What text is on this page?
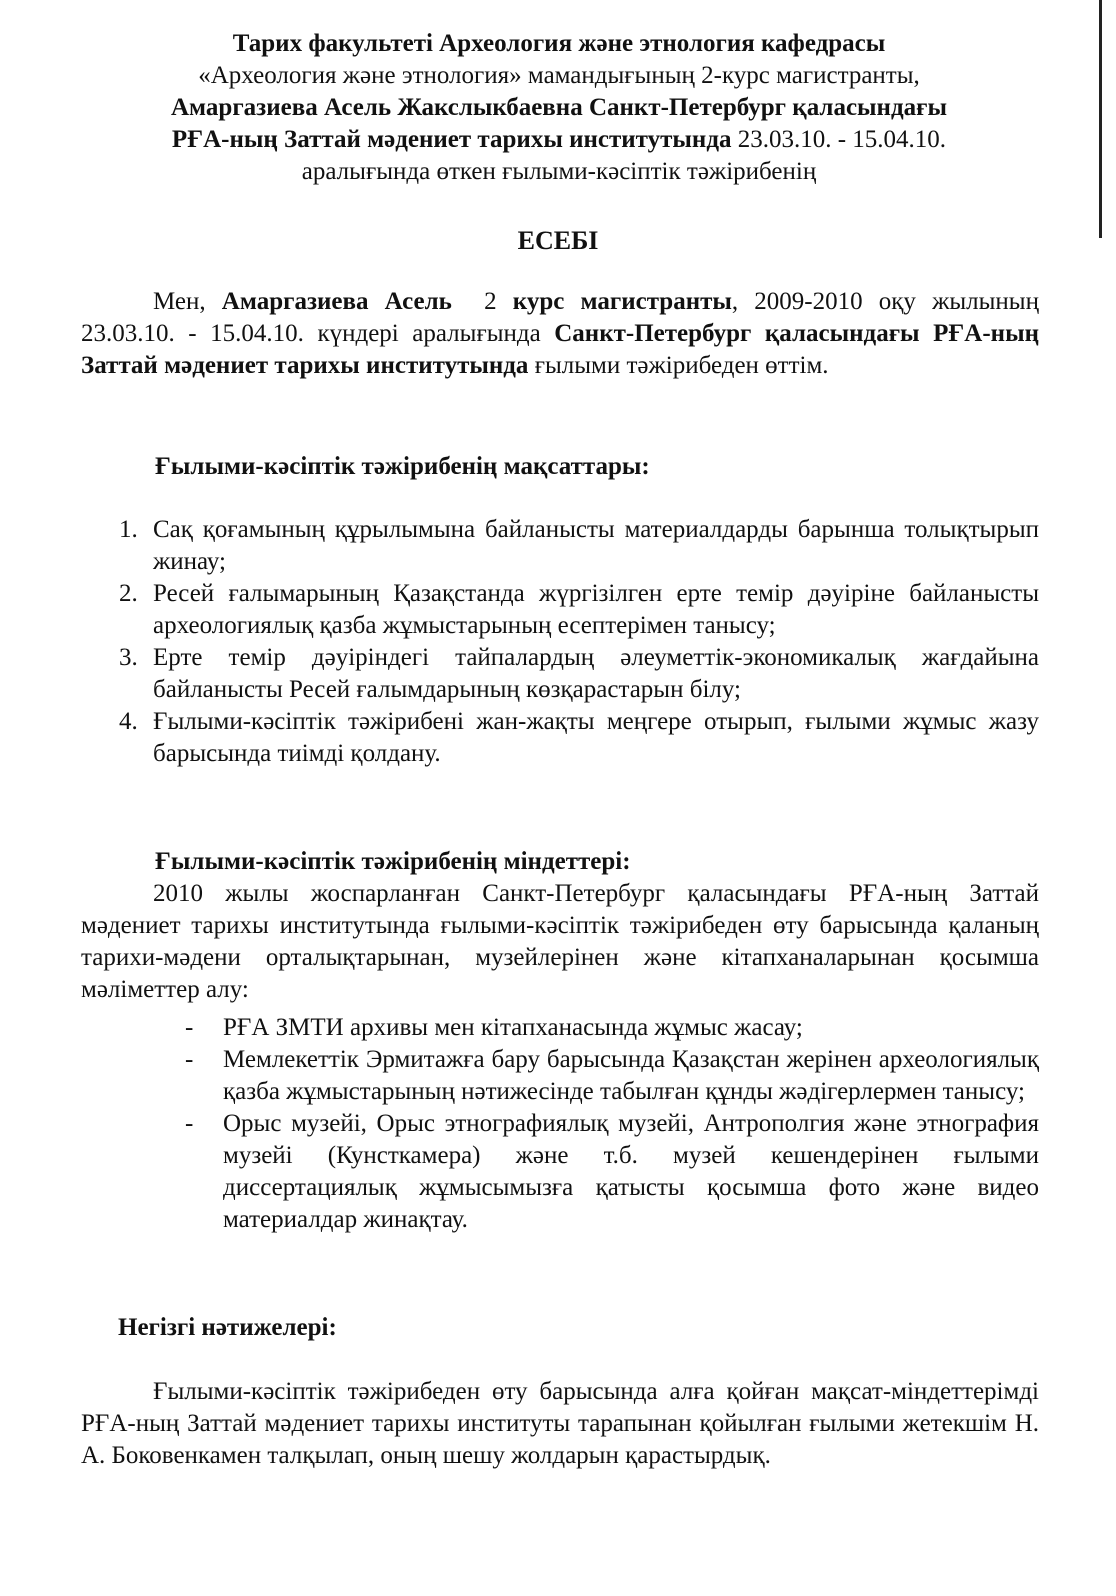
Тарих факультеті Археология және этнология кафедрасы

«Археология және этнология» мамандығының 2-курс магистранты,

Амаргазиева Асель Жакслыкбаевна Санкт-Петербург қаласындағы

РҒА-ның Заттай мәдениет тарихы институтында 23.03.10. - 15.04.10.

аралығында өткен ғылыми-кәсіптік тәжірибенің

ЕСЕБІ

Мен, Амаргазиева Асель  2 курс магистранты, 2009-2010 оқу жылының 23.03.10. - 15.04.10. күндері аралығында Санкт-Петербург қаласындағы РҒА-ның Заттай мәдениет тарихы институтында ғылыми тәжірибеден өттім.

Ғылыми-кәсіптік тәжірибенің мақсаттары:

1. Сақ қоғамының құрылымына байланысты материалдарды барынша толықтырып жинау;
2. Ресей ғалымарының Қазақстанда жүргізілген ерте темір дәуіріне байланысты археологиялық қазба жұмыстарының есептерімен танысу;
3. Ерте темір дәуіріндегі тайпалардың әлеуметтік-экономикалық жағдайына байланысты Ресей ғалымдарының көзқарастарын білу;
4. Ғылыми-кәсіптік тәжірибені жан-жақты меңгере отырып, ғылыми жұмыс жазу барысында тиімді қолдану.

Ғылыми-кәсіптік тәжірибенің міндеттері:

2010 жылы жоспарланған Санкт-Петербург қаласындағы РҒА-ның Заттай мәдениет тарихы институтында ғылыми-кәсіптік тәжірибеден өту барысында қаланың тарихи-мәдени орталықтарынан, музейлерінен және кітапханаларынан қосымша мәліметтер алу:

- РҒА ЗМТИ архивы мен кітапханасында жұмыс жасау;
- Мемлекеттік Эрмитажға бару барысында Қазақстан жерінен археологиялық қазба жұмыстарының нәтижесінде табылған құнды жәдігерлермен танысу;
- Орыс музейі, Орыс этнографиялық музейі, Антрополгия және этнография музейі (Кунсткамера) және т.б. музей кешендерінен ғылыми диссертациялық жұмысымызға қатысты қосымша фото және видео материалдар жинақтау.

Негізгі нәтижелері:

Ғылыми-кәсіптік тәжірибеден өту барысында алға қойған мақсат-міндеттерімді РҒА-ның Заттай мәдениет тарихы институты тарапынан қойылған ғылыми жетекшім Н. А. Боковенкамен талқылап, оның шешу жолдарын қарастырдық.
